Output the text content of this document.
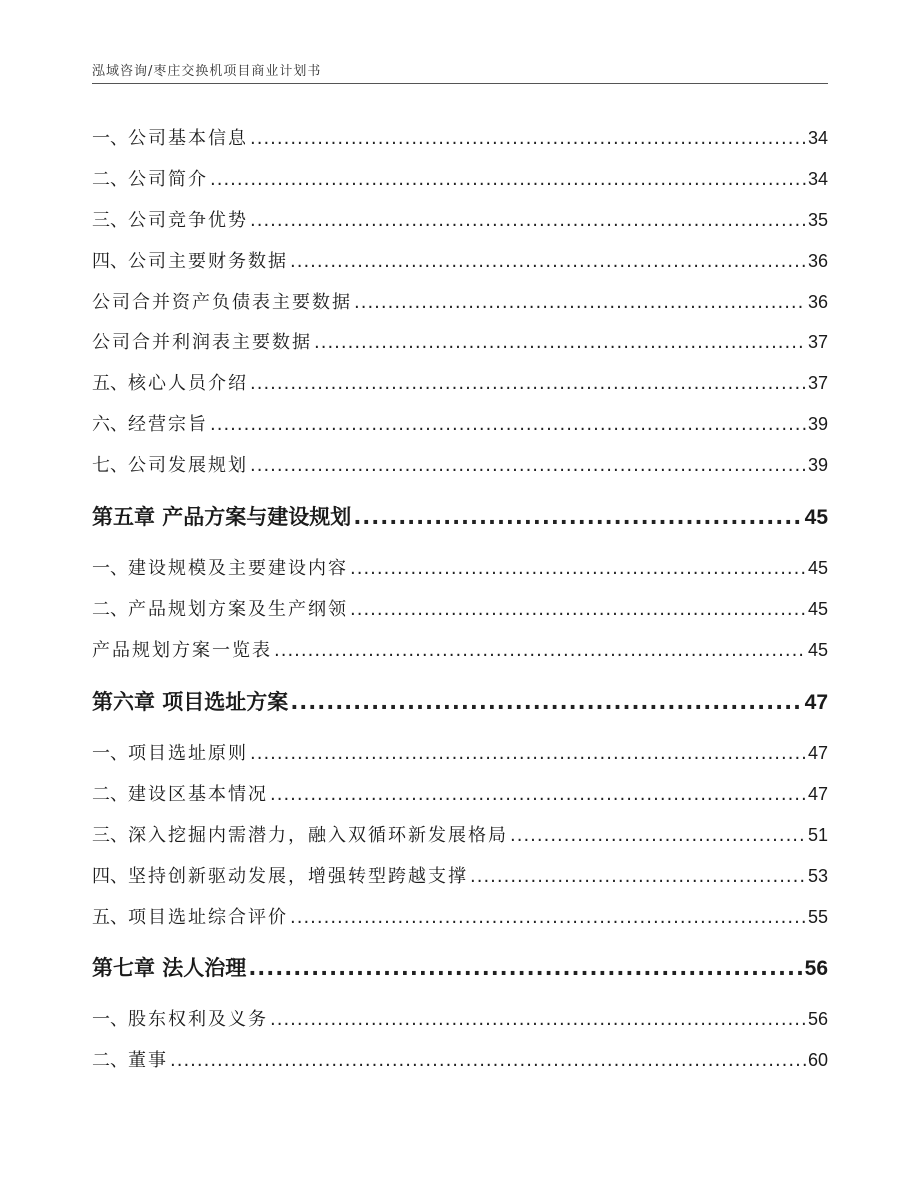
泓域咨询/枣庄交换机项目商业计划书
一、 公司基本信息 .....	34
二、 公司简介 .....	34
三、 公司竞争优势 .....	35
四、 公司主要财务数据 .....	36
公司合并资产负债表主要数据 .....	36
公司合并利润表主要数据 .....	37
五、 核心人员介绍 .....	37
六、 经营宗旨 .....	39
七、 公司发展规划 .....	39
第五章 产品方案与建设规划 .....	45
一、 建设规模及主要建设内容 .....	45
二、 产品规划方案及生产纲领 .....	45
产品规划方案一览表 .....	45
第六章 项目选址方案 .....	47
一、 项目选址原则 .....	47
二、 建设区基本情况 .....	47
三、 深入挖掘内需潜力，融入双循环新发展格局 .....	51
四、 坚持创新驱动发展，增强转型跨越支撑 .....	53
五、 项目选址综合评价 .....	55
第七章 法人治理 .....	56
一、 股东权利及义务 .....	56
二、 董事 .....	60
